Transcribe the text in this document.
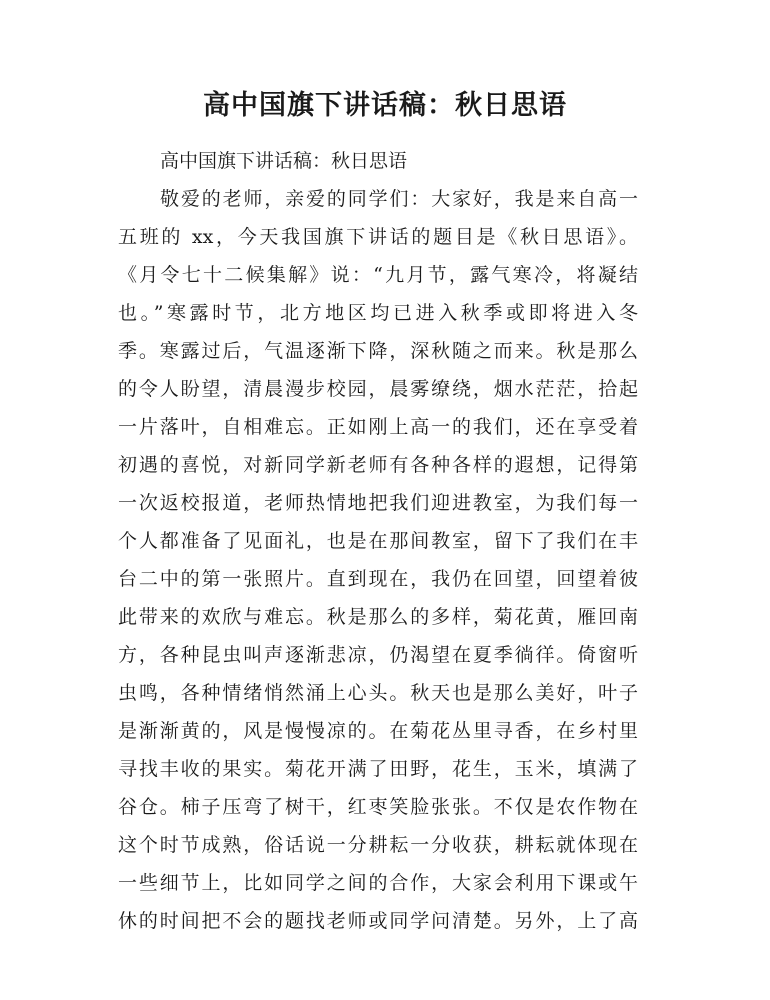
高中国旗下讲话稿：秋日思语
高中国旗下讲话稿：秋日思语
敬爱的老师，亲爱的同学们：大家好，我是来自高一
五班的 xx，今天我国旗下讲话的题目是《秋日思语》。
《月令七十二候集解》说：“九月节，露气寒冷，将凝结
也。”寒露时节，北方地区均已进入秋季或即将进入冬
季。寒露过后，气温逐渐下降，深秋随之而来。秋是那么
的令人盼望，清晨漫步校园，晨雾缭绕，烟水茫茫，拾起
一片落叶，自相难忘。正如刚上高一的我们，还在享受着
初遇的喜悦，对新同学新老师有各种各样的遐想，记得第
一次返校报道，老师热情地把我们迎进教室，为我们每一
个人都准备了见面礼，也是在那间教室，留下了我们在丰
台二中的第一张照片。直到现在，我仍在回望，回望着彼
此带来的欢欣与难忘。秋是那么的多样，菊花黄，雁回南
方，各种昆虫叫声逐渐悲凉，仍渴望在夏季徜徉。倚窗听
虫鸣，各种情绪悄然涌上心头。秋天也是那么美好，叶子
是渐渐黄的，风是慢慢凉的。在菊花丛里寻香，在乡村里
寻找丰收的果实。菊花开满了田野，花生，玉米，填满了
谷仓。柿子压弯了树干，红枣笑脸张张。不仅是农作物在
这个时节成熟，俗话说一分耕耘一分收获，耕耘就体现在
一些细节上，比如同学之间的合作，大家会利用下课或午
休的时间把不会的题找老师或同学问清楚。另外，上了高
